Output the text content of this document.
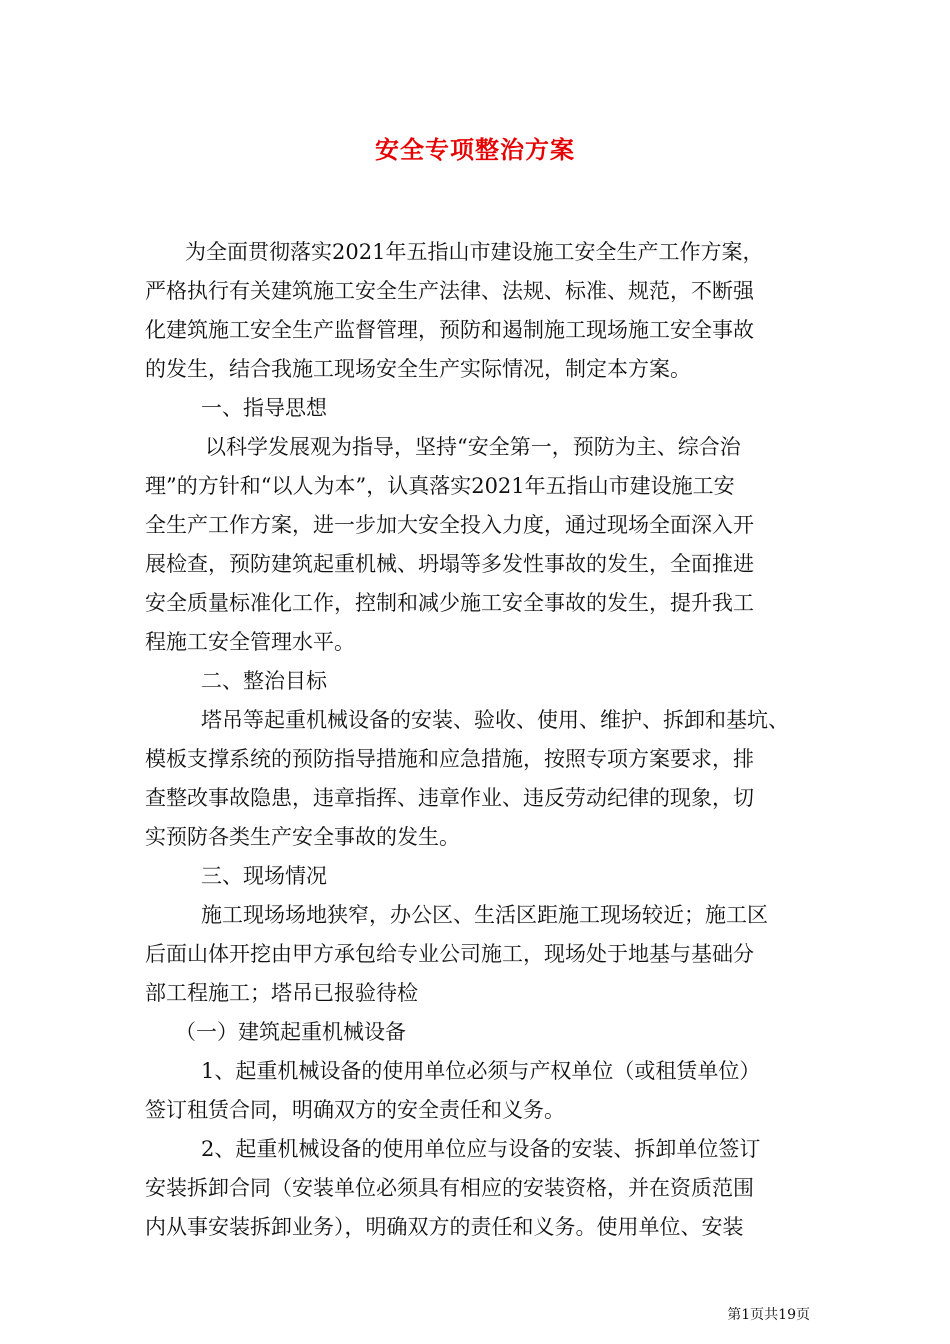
安全专项整治方案
为全面贯彻落实2021年五指山市建设施工安全生产工作方案，
严格执行有关建筑施工安全生产法律、法规、标准、规范，不断强
化建筑施工安全生产监督管理，预防和遏制施工现场施工安全事故
的发生，结合我施工现场安全生产实际情况，制定本方案。
一、指导思想
以科学发展观为指导，坚持“安全第一，预防为主、综合治
理”的方针和“以人为本”，认真落实2021年五指山市建设施工安
全生产工作方案，进一步加大安全投入力度，通过现场全面深入开
展检查，预防建筑起重机械、坍塌等多发性事故的发生，全面推进
安全质量标准化工作，控制和减少施工安全事故的发生，提升我工
程施工安全管理水平。
二、整治目标
塔吊等起重机械设备的安装、验收、使用、维护、拆卸和基坑、
模板支撑系统的预防指导措施和应急措施，按照专项方案要求，排
查整改事故隐患，违章指挥、违章作业、违反劳动纪律的现象，切
实预防各类生产安全事故的发生。
三、现场情况
施工现场场地狭窄，办公区、生活区距施工现场较近；施工区
后面山体开挖由甲方承包给专业公司施工，现场处于地基与基础分
部工程施工；塔吊已报验待检
（一）建筑起重机械设备
1、起重机械设备的使用单位必须与产权单位（或租赁单位）
签订租赁合同，明确双方的安全责任和义务。
2、起重机械设备的使用单位应与设备的安装、拆卸单位签订
安装拆卸合同（安装单位必须具有相应的安装资格，并在资质范围
内从事安装拆卸业务），明确双方的责任和义务。使用单位、安装
第1页共19页
